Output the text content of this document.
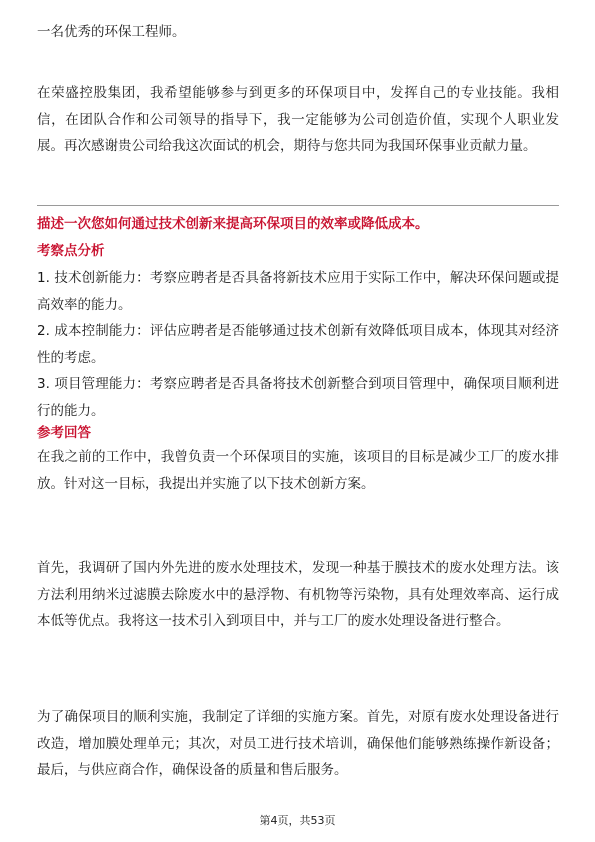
一名优秀的环保工程师。

在荣盛控股集团，我希望能够参与到更多的环保项目中，发挥自己的专业技能。我相信，在团队合作和公司领导的指导下，我一定能够为公司创造价值，实现个人职业发展。再次感谢贵公司给我这次面试的机会，期待与您共同为我国环保事业贡献力量。

描述一次您如何通过技术创新来提高环保项目的效率或降低成本。

考察点分析

1. 技术创新能力：考察应聘者是否具备将新技术应用于实际工作中，解决环保问题或提高效率的能力。

2. 成本控制能力：评估应聘者是否能够通过技术创新有效降低项目成本，体现其对经济性的考虑。

3. 项目管理能力：考察应聘者是否具备将技术创新整合到项目管理中，确保项目顺利进行的能力。

参考回答

在我之前的工作中，我曾负责一个环保项目的实施，该项目的目标是减少工厂的废水排放。针对这一目标，我提出并实施了以下技术创新方案。

首先，我调研了国内外先进的废水处理技术，发现一种基于膜技术的废水处理方法。该方法利用纳米过滤膜去除废水中的悬浮物、有机物等污染物，具有处理效率高、运行成本低等优点。我将这一技术引入到项目中，并与工厂的废水处理设备进行整合。

为了确保项目的顺利实施，我制定了详细的实施方案。首先，对原有废水处理设备进行改造，增加膜处理单元；其次，对员工进行技术培训，确保他们能够熟练操作新设备；最后，与供应商合作，确保设备的质量和售后服务。

第4页，共53页
